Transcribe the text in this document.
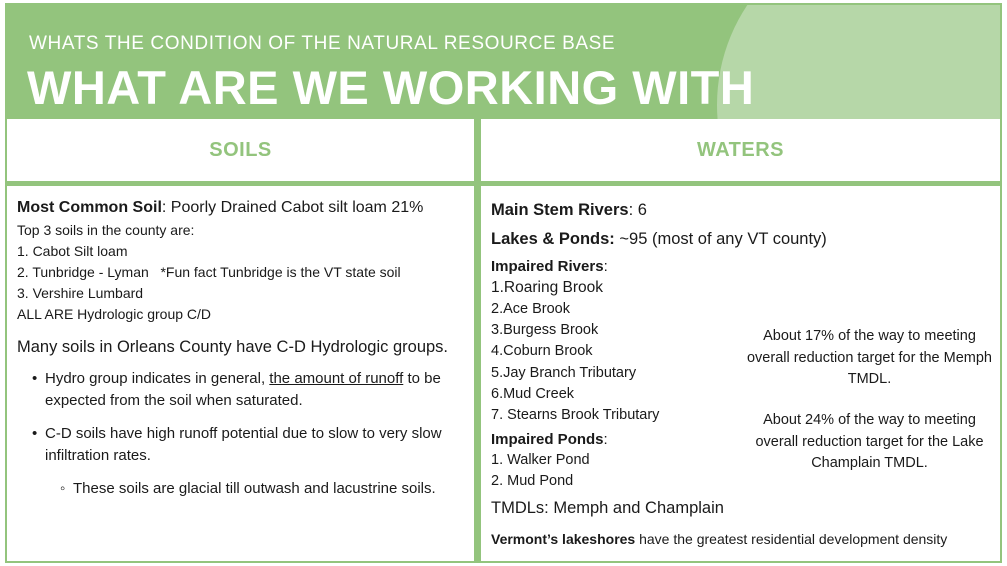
WHATS THE CONDITION OF THE NATURAL RESOURCE BASE
WHAT ARE WE WORKING WITH
SOILS	WATERS
Most Common Soil: Poorly Drained Cabot silt loam 21%
Top 3 soils in the county are:
1. Cabot Silt loam
2. Tunbridge - Lyman   *Fun fact Tunbridge is the VT state soil
3. Vershire Lumbard
ALL ARE Hydrologic group C/D
Many soils in Orleans County have C-D Hydrologic groups.
• Hydro group indicates in general, the amount of runoff to be expected from the soil when saturated.
• C-D soils have high runoff potential due to slow to very slow infiltration rates.
◦ These soils are glacial till outwash and lacustrine soils.
Main Stem Rivers: 6
Lakes & Ponds: ~95 (most of any VT county)
Impaired Rivers:
1.Roaring Brook
2.Ace Brook
3.Burgess Brook
4.Coburn Brook
5.Jay Branch Tributary
6.Mud Creek
7. Stearns Brook Tributary
Impaired Ponds:
1. Walker Pond
2. Mud Pond
TMDLs: Memph and Champlain
Vermont’s lakeshores have the greatest residential development density
About 17% of the way to meeting overall reduction target for the Memph TMDL.
About 24% of the way to meeting overall reduction target for the Lake Champlain TMDL.
